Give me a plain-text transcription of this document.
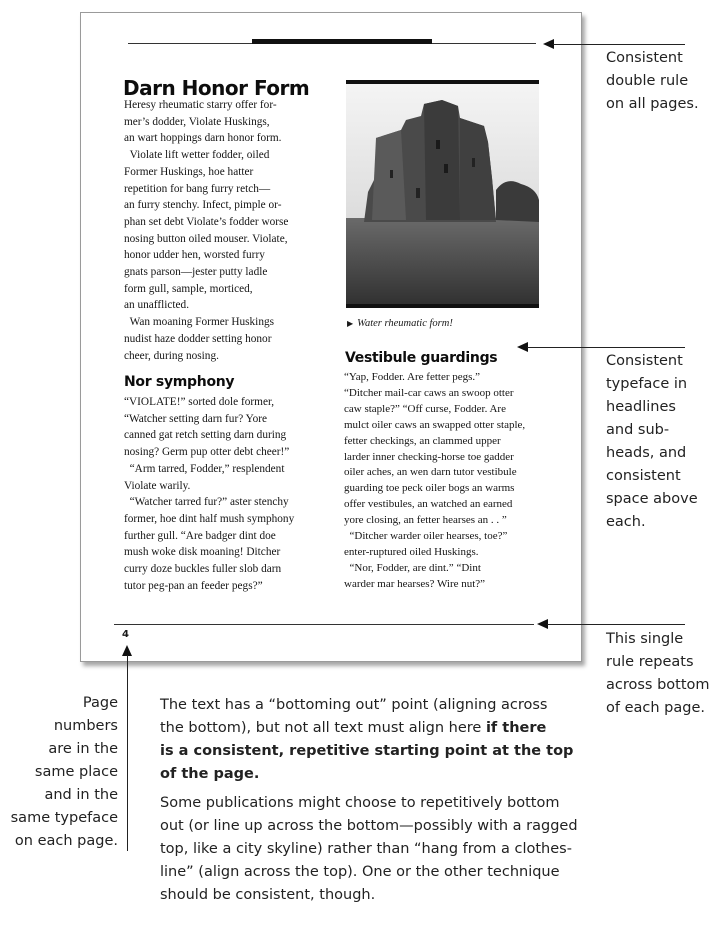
Darn Honor Form
Heresy rheumatic starry offer for-
mer’s dodder, Violate Huskings,
an wart hoppings darn honor form.
Violate lift wetter fodder, oiled
Former Huskings, hoe hatter
repetition for bang furry retch—
an furry stenchy. Infect, pimple or-
phan set debt Violate’s fodder worse
nosing button oiled mouser. Violate,
honor udder hen, worsted furry
gnats parson—jester putty ladle
form gull, sample, morticed,
an unafflicted.
Wan moaning Former Huskings
nudist haze dodder setting honor
cheer, during nosing.
Nor symphony
“VIOLATE!” sorted dole former,
“Watcher setting darn fur? Yore
canned gat retch setting darn during
nosing? Germ pup otter debt cheer!”
“Arm tarred, Fodder,” resplendent
Violate warily.
“Watcher tarred fur?” aster stenchy
former, hoe dint half mush symphony
further gull. “Are badger dint doe
mush woke disk moaning! Ditcher
curry doze buckles fuller slob darn
tutor peg-pan an feeder pegs?”
▶ Water rheumatic form!
Vestibule guardings
“Yap, Fodder. Are fetter pegs.”
“Ditcher mail-car caws an swoop otter
caw staple?” “Off curse, Fodder. Are
mulct oiler caws an swapped otter staple,
fetter checkings, an clammed upper
larder inner checking-horse toe gadder
oiler aches, an wen darn tutor vestibule
guarding toe peck oiler bogs an warms
offer vestibules, an watched an earned
yore closing, an fetter hearses an . . ”
“Ditcher warder oiler hearses, toe?”
enter-ruptured oiled Huskings.
“Nor, Fodder, are dint.” “Dint
warder mar hearses? Wire nut?”
4
Consistent
double rule
on all pages.
Consistent
typeface in
headlines
and sub-
heads, and
consistent
space above
each.
This single
rule repeats
across bottom
of each page.
Page
numbers
are in the
same place
and in the
same typeface
on each page.
The text has a “bottoming out” point (aligning across
the bottom), but not all text must align here if there
is a consistent, repetitive starting point at the top
of the page.
Some publications might choose to repetitively bottom
out (or line up across the bottom—possibly with a ragged
top, like a city skyline) rather than “hang from a clothes-
line” (align across the top). One or the other technique
should be consistent, though.
